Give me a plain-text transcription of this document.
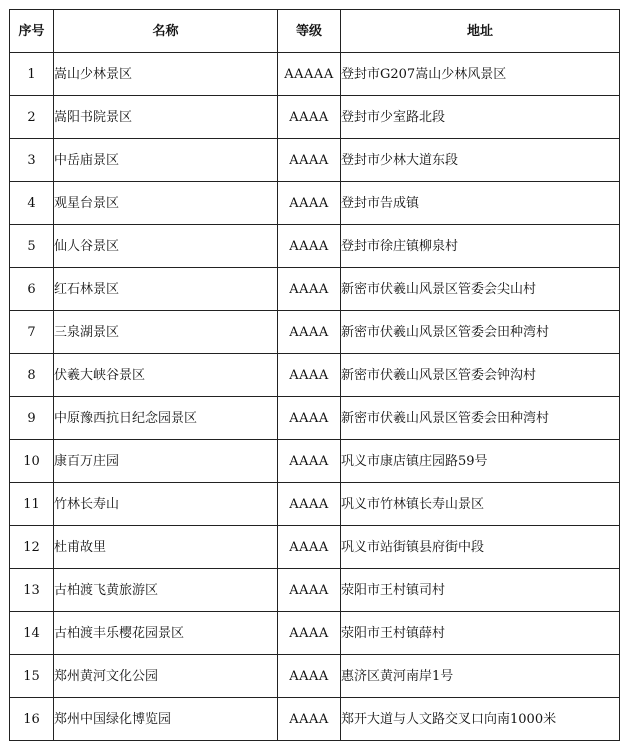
序号	名称	等级	地址
1	嵩山少林景区	AAAAA	登封市G207嵩山少林风景区
2	嵩阳书院景区	AAAA	登封市少室路北段
3	中岳庙景区	AAAA	登封市少林大道东段
4	观星台景区	AAAA	登封市告成镇
5	仙人谷景区	AAAA	登封市徐庄镇柳泉村
6	红石林景区	AAAA	新密市伏羲山风景区管委会尖山村
7	三泉湖景区	AAAA	新密市伏羲山风景区管委会田种湾村
8	伏羲大峡谷景区	AAAA	新密市伏羲山风景区管委会钟沟村
9	中原豫西抗日纪念园景区	AAAA	新密市伏羲山风景区管委会田种湾村
10	康百万庄园	AAAA	巩义市康店镇庄园路59号
11	竹林长寿山	AAAA	巩义市竹林镇长寿山景区
12	杜甫故里	AAAA	巩义市站街镇县府街中段
13	古柏渡飞黄旅游区	AAAA	荥阳市王村镇司村
14	古柏渡丰乐樱花园景区	AAAA	荥阳市王村镇薛村
15	郑州黄河文化公园	AAAA	惠济区黄河南岸1号
16	郑州中国绿化博览园	AAAA	郑开大道与人文路交叉口向南1000米
